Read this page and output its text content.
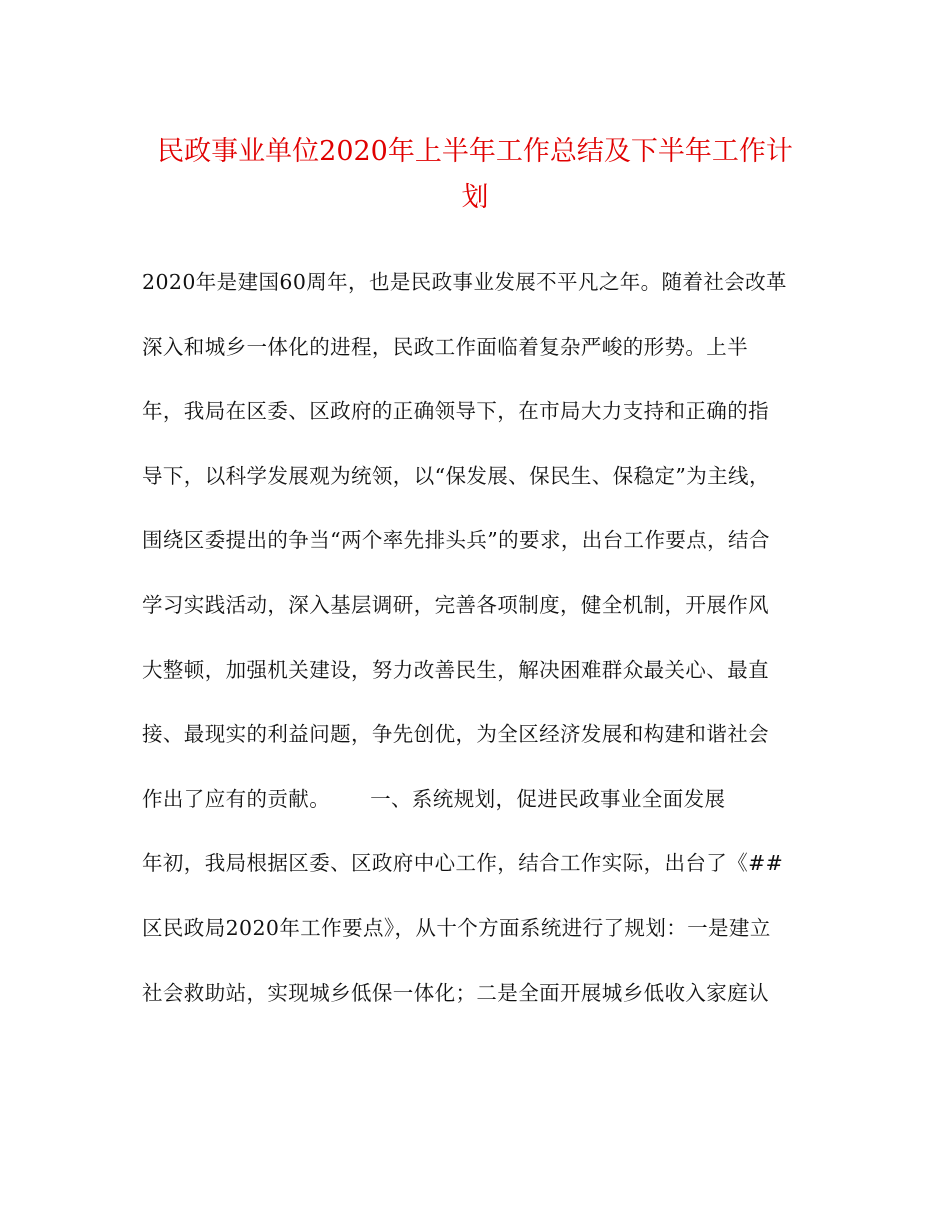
民政事业单位2020年上半年工作总结及下半年工作计
划
2020年是建国60周年，也是民政事业发展不平凡之年。随着社会改革
深入和城乡一体化的进程，民政工作面临着复杂严峻的形势。上半
年，我局在区委、区政府的正确领导下，在市局大力支持和正确的指
导下，以科学发展观为统领，以“保发展、保民生、保稳定”为主线，
围绕区委提出的争当“两个率先排头兵”的要求，出台工作要点，结合
学习实践活动，深入基层调研，完善各项制度，健全机制，开展作风
大整顿，加强机关建设，努力改善民生，解决困难群众最关心、最直
接、最现实的利益问题，争先创优，为全区经济发展和构建和谐社会
作出了应有的贡献。 一、系统规划，促进民政事业全面发展
年初，我局根据区委、区政府中心工作，结合工作实际，出台了《##
区民政局2020年工作要点》，从十个方面系统进行了规划：一是建立
社会救助站，实现城乡低保一体化；二是全面开展城乡低收入家庭认
